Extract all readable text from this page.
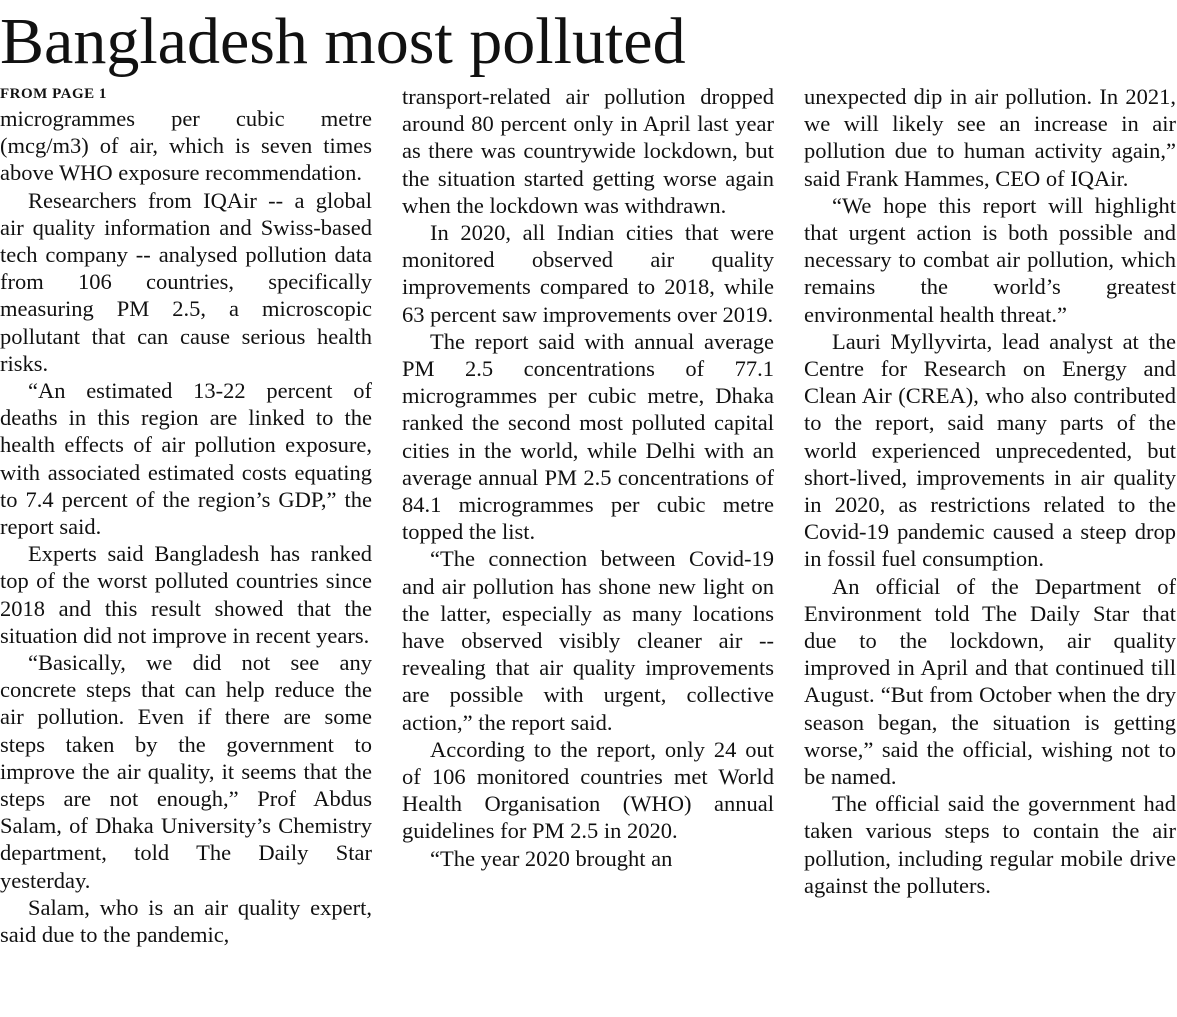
Bangladesh most polluted

FROM PAGE 1

microgrammes per cubic metre (mcg/m3) of air, which is seven times above WHO exposure recommendation.

Researchers from IQAir -- a global air quality information and Swiss-based tech company -- analysed pollution data from 106 countries, specifically measuring PM 2.5, a microscopic pollutant that can cause serious health risks.

“An estimated 13-22 percent of deaths in this region are linked to the health effects of air pollution exposure, with associated estimated costs equating to 7.4 percent of the region’s GDP,” the report said.

Experts said Bangladesh has ranked top of the worst polluted countries since 2018 and this result showed that the situation did not improve in recent years.

“Basically, we did not see any concrete steps that can help reduce the air pollution. Even if there are some steps taken by the government to improve the air quality, it seems that the steps are not enough,” Prof Abdus Salam, of Dhaka University’s Chemistry department, told The Daily Star yesterday.

Salam, who is an air quality expert, said due to the pandemic,

transport-related air pollution dropped around 80 percent only in April last year as there was countrywide lockdown, but the situation started getting worse again when the lockdown was withdrawn.

In 2020, all Indian cities that were monitored observed air quality improvements compared to 2018, while 63 percent saw improvements over 2019.

The report said with annual average PM 2.5 concentrations of 77.1 microgrammes per cubic metre, Dhaka ranked the second most polluted capital cities in the world, while Delhi with an average annual PM 2.5 concentrations of 84.1 microgrammes per cubic metre topped the list.

“The connection between Covid-19 and air pollution has shone new light on the latter, especially as many locations have observed visibly cleaner air -- revealing that air quality improvements are possible with urgent, collective action,” the report said.

According to the report, only 24 out of 106 monitored countries met World Health Organisation (WHO) annual guidelines for PM 2.5 in 2020.

“The year 2020 brought an

unexpected dip in air pollution. In 2021, we will likely see an increase in air pollution due to human activity again,” said Frank Hammes, CEO of IQAir.

“We hope this report will highlight that urgent action is both possible and necessary to combat air pollution, which remains the world’s greatest environmental health threat.”

Lauri Myllyvirta, lead analyst at the Centre for Research on Energy and Clean Air (CREA), who also contributed to the report, said many parts of the world experienced unprecedented, but short-lived, improvements in air quality in 2020, as restrictions related to the Covid-19 pandemic caused a steep drop in fossil fuel consumption.

An official of the Department of Environment told The Daily Star that due to the lockdown, air quality improved in April and that continued till August. “But from October when the dry season began, the situation is getting worse,” said the official, wishing not to be named.

The official said the government had taken various steps to contain the air pollution, including regular mobile drive against the polluters.
